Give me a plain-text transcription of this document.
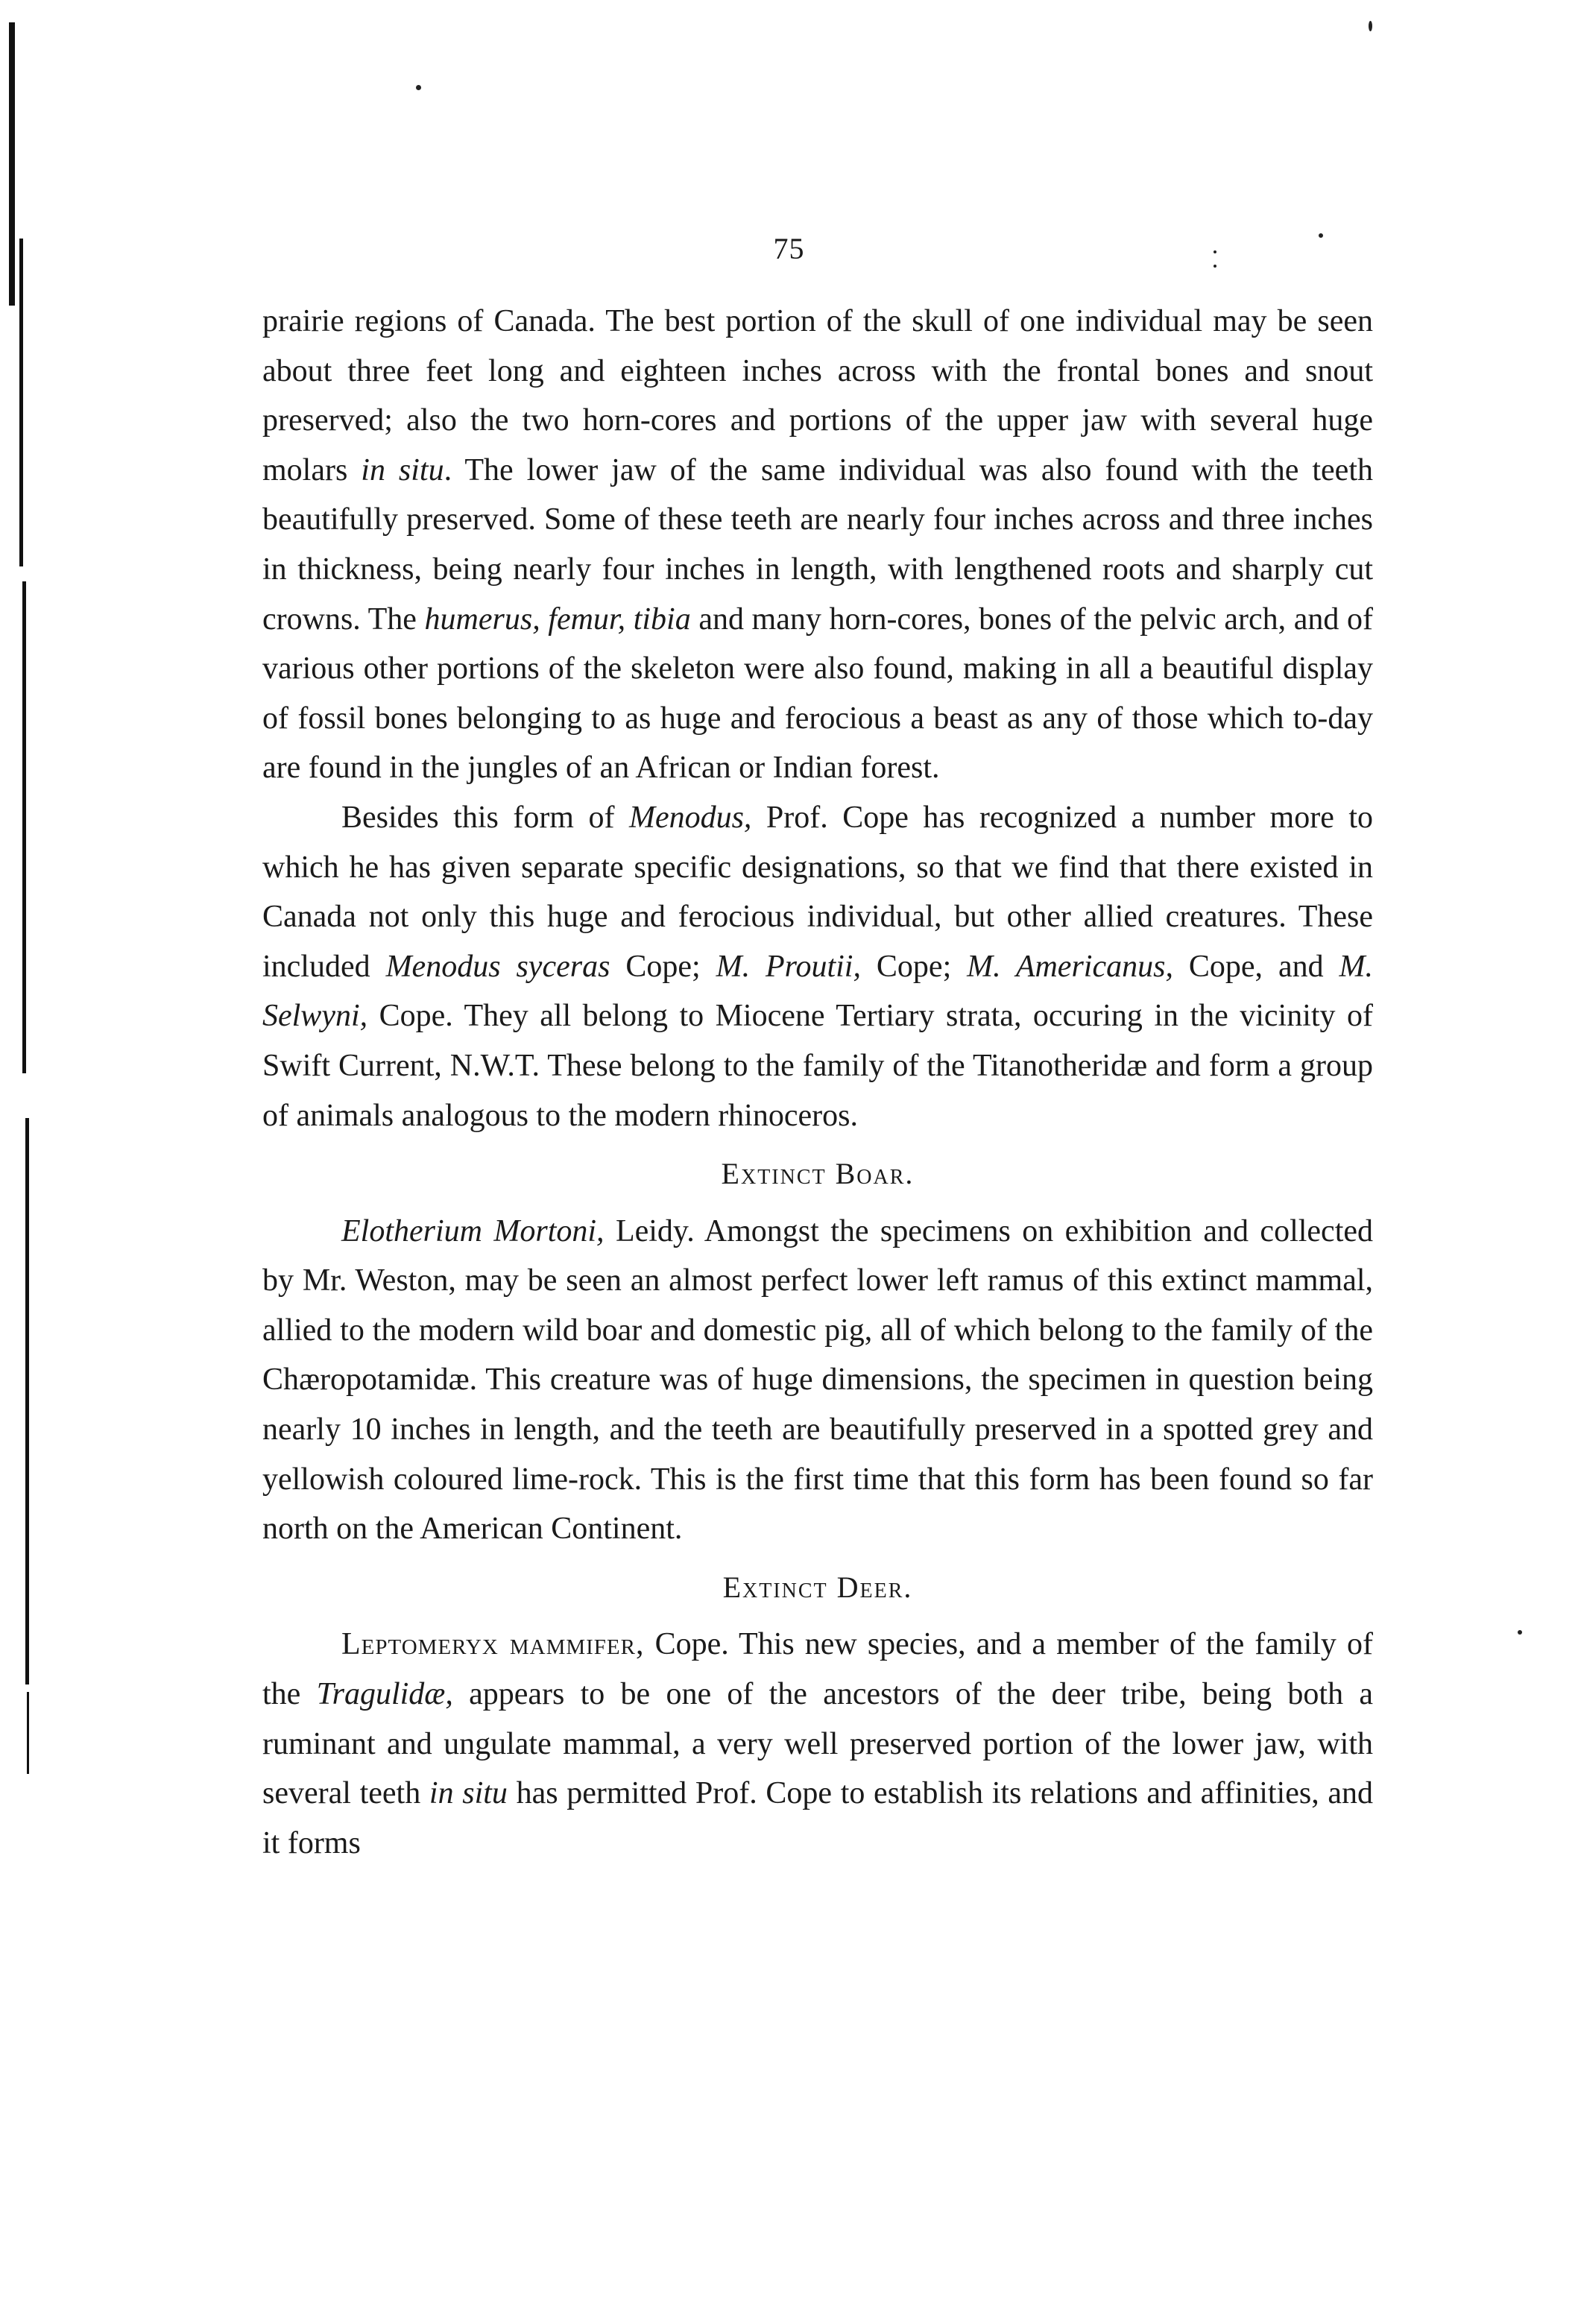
75

prairie regions of Canada. The best portion of the skull of one individual may be seen about three feet long and eighteen inches across with the frontal bones and snout preserved; also the two horn-cores and portions of the upper jaw with several huge molars in situ. The lower jaw of the same individual was also found with the teeth beautifully preserved. Some of these teeth are nearly four inches across and three inches in thickness, being nearly four inches in length, with lengthened roots and sharply cut crowns. The humerus, femur, tibia and many horn-cores, bones of the pelvic arch, and of various other portions of the skeleton were also found, making in all a beautiful display of fossil bones belonging to as huge and ferocious a beast as any of those which to-day are found in the jungles of an African or Indian forest.

Besides this form of Menodus, Prof. Cope has recognized a number more to which he has given separate specific designations, so that we find that there existed in Canada not only this huge and ferocious individual, but other allied creatures. These included Menodus syceras Cope; M. Proutii, Cope; M. Americanus, Cope, and M. Selwyni, Cope. They all belong to Miocene Tertiary strata, occuring in the vicinity of Swift Current, N.W.T. These belong to the family of the Titanotheridæ and form a group of animals analogous to the modern rhinoceros.

Extinct Boar.

Elotherium Mortoni, Leidy. Amongst the specimens on exhibition and collected by Mr. Weston, may be seen an almost perfect lower left ramus of this extinct mammal, allied to the modern wild boar and domestic pig, all of which belong to the family of the Chæropotamidæ. This creature was of huge dimensions, the specimen in question being nearly 10 inches in length, and the teeth are beautifully preserved in a spotted grey and yellowish coloured lime-rock. This is the first time that this form has been found so far north on the American Continent.

Extinct Deer.

Leptomeryx mammifer, Cope. This new species, and a member of the family of the Tragulidæ, appears to be one of the ancestors of the deer tribe, being both a ruminant and ungulate mammal, a very well preserved portion of the lower jaw, with several teeth in situ has permitted Prof. Cope to establish its relations and affinities, and it forms
